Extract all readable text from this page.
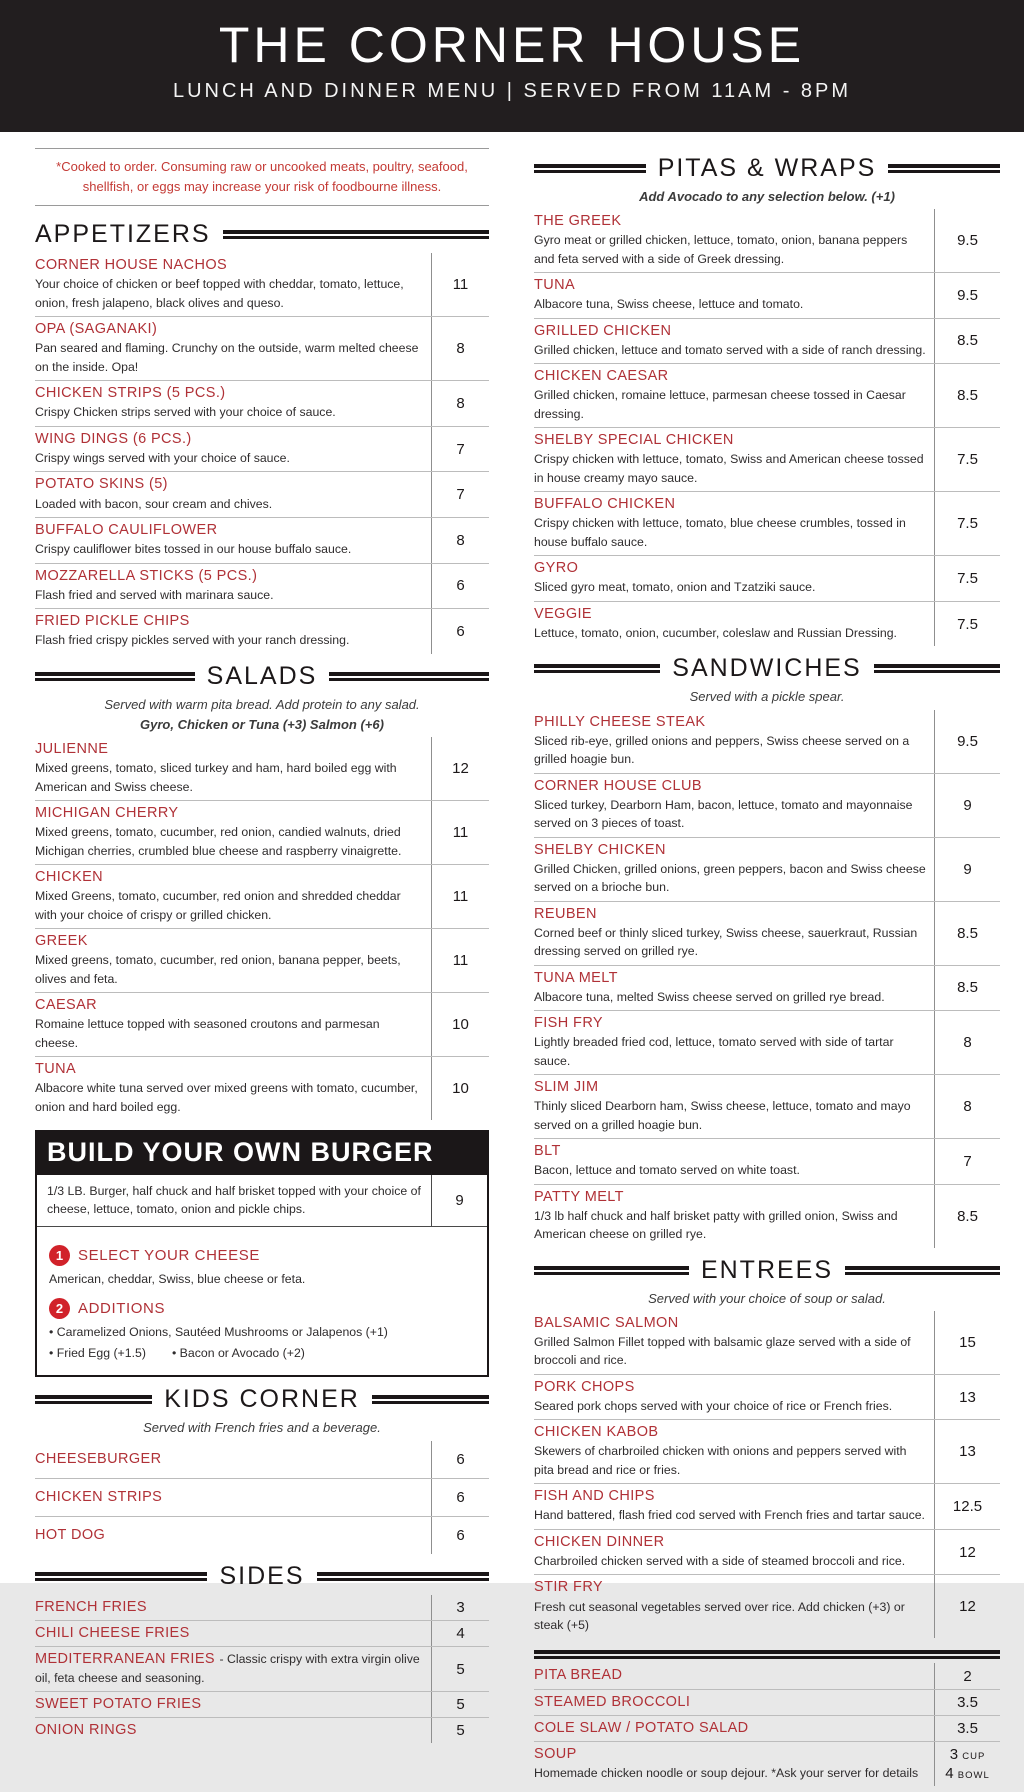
THE CORNER HOUSE
LUNCH AND DINNER MENU | SERVED FROM 11AM - 8PM
*Cooked to order. Consuming raw or uncooked meats, poultry, seafood, shellfish, or eggs may increase your risk of foodbourne illness.
APPETIZERS
CORNER HOUSE NACHOS
Your choice of chicken or beef topped with cheddar, tomato, lettuce, onion, fresh jalapeno, black olives and queso.
11
OPA (SAGANAKI)
Pan seared and flaming. Crunchy on the outside, warm melted cheese on the inside. Opa!
8
CHICKEN STRIPS (5 PCS.)
Crispy Chicken strips served with your choice of sauce.
8
WING DINGS (6 PCS.)
Crispy wings served with your choice of sauce.
7
POTATO SKINS (5)
Loaded with bacon, sour cream and chives.
7
BUFFALO CAULIFLOWER
Crispy cauliflower bites tossed in our house buffalo sauce.
8
MOZZARELLA STICKS (5 PCS.)
Flash fried and served with marinara sauce.
6
FRIED PICKLE CHIPS
Flash fried crispy pickles served with your ranch dressing.
6
SALADS
Served with warm pita bread. Add protein to any salad.
Gyro, Chicken or Tuna (+3) Salmon (+6)
JULIENNE
Mixed greens, tomato, sliced turkey and ham, hard boiled egg with American and Swiss cheese.
12
MICHIGAN CHERRY
Mixed greens, tomato, cucumber, red onion, candied walnuts, dried Michigan cherries, crumbled blue cheese and raspberry vinaigrette.
11
CHICKEN
Mixed Greens, tomato, cucumber, red onion and shredded cheddar with your choice of crispy or grilled chicken.
11
GREEK
Mixed greens, tomato, cucumber, red onion, banana pepper, beets, olives and feta.
11
CAESAR
Romaine lettuce topped with seasoned croutons and parmesan cheese.
10
TUNA
Albacore white tuna served over mixed greens with tomato, cucumber, onion and hard boiled egg.
10
BUILD YOUR OWN BURGER
1/3 LB. Burger, half chuck and half brisket topped with your choice of cheese, lettuce, tomato, onion and pickle chips.
9
1 SELECT YOUR CHEESE
American, cheddar, Swiss, blue cheese or feta.
2 ADDITIONS
• Caramelized Onions, Sautéed Mushrooms or Jalapenos (+1)
• Fried Egg (+1.5) • Bacon or Avocado (+2)
KIDS CORNER
Served with French fries and a beverage.
CHEESEBURGER	6
CHICKEN STRIPS	6
HOT DOG	6
SIDES
FRENCH FRIES	3
CHILI CHEESE FRIES	4
MEDITERRANEAN FRIES - Classic crispy with extra virgin olive oil, feta cheese and seasoning.	5
SWEET POTATO FRIES	5
ONION RINGS	5
PITAS & WRAPS
Add Avocado to any selection below. (+1)
THE GREEK
Gyro meat or grilled chicken, lettuce, tomato, onion, banana peppers and feta served with a side of Greek dressing.
9.5
TUNA
Albacore tuna, Swiss cheese, lettuce and tomato.
9.5
GRILLED CHICKEN
Grilled chicken, lettuce and tomato served with a side of ranch dressing.
8.5
CHICKEN CAESAR
Grilled chicken, romaine lettuce, parmesan cheese tossed in Caesar dressing.
8.5
SHELBY SPECIAL CHICKEN
Crispy chicken with lettuce, tomato, Swiss and American cheese tossed in house creamy mayo sauce.
7.5
BUFFALO CHICKEN
Crispy chicken with lettuce, tomato, blue cheese crumbles, tossed in house buffalo sauce.
7.5
GYRO
Sliced gyro meat, tomato, onion and Tzatziki sauce.
7.5
VEGGIE
Lettuce, tomato, onion, cucumber, coleslaw and Russian Dressing.
7.5
SANDWICHES
Served with a pickle spear.
PHILLY CHEESE STEAK
Sliced rib-eye, grilled onions and peppers, Swiss cheese served on a grilled hoagie bun.
9.5
CORNER HOUSE CLUB
Sliced turkey, Dearborn Ham, bacon, lettuce, tomato and mayonnaise served on 3 pieces of toast.
9
SHELBY CHICKEN
Grilled Chicken, grilled onions, green peppers, bacon and Swiss cheese served on a brioche bun.
9
REUBEN
Corned beef or thinly sliced turkey, Swiss cheese, sauerkraut, Russian dressing served on grilled rye.
8.5
TUNA MELT
Albacore tuna, melted Swiss cheese served on grilled rye bread.
8.5
FISH FRY
Lightly breaded fried cod, lettuce, tomato served with side of tartar sauce.
8
SLIM JIM
Thinly sliced Dearborn ham, Swiss cheese, lettuce, tomato and mayo served on a grilled hoagie bun.
8
BLT
Bacon, lettuce and tomato served on white toast.
7
PATTY MELT
1/3 lb half chuck and half brisket patty with grilled onion, Swiss and American cheese on grilled rye.
8.5
ENTREES
Served with your choice of soup or salad.
BALSAMIC SALMON
Grilled Salmon Fillet topped with balsamic glaze served with a side of broccoli and rice.
15
PORK CHOPS
Seared pork chops served with your choice of rice or French fries.
13
CHICKEN KABOB
Skewers of charbroiled chicken with onions and peppers served with pita bread and rice or fries.
13
FISH AND CHIPS
Hand battered, flash fried cod served with French fries and tartar sauce.
12.5
CHICKEN DINNER
Charbroiled chicken served with a side of steamed broccoli and rice.
12
STIR FRY
Fresh cut seasonal vegetables served over rice. Add chicken (+3) or steak (+5)
12
PITA BREAD	2
STEAMED BROCCOLI	3.5
COLE SLAW / POTATO SALAD	3.5
SOUP
Homemade chicken noodle or soup dejour. *Ask your server for details
3 CUP
4 BOWL
